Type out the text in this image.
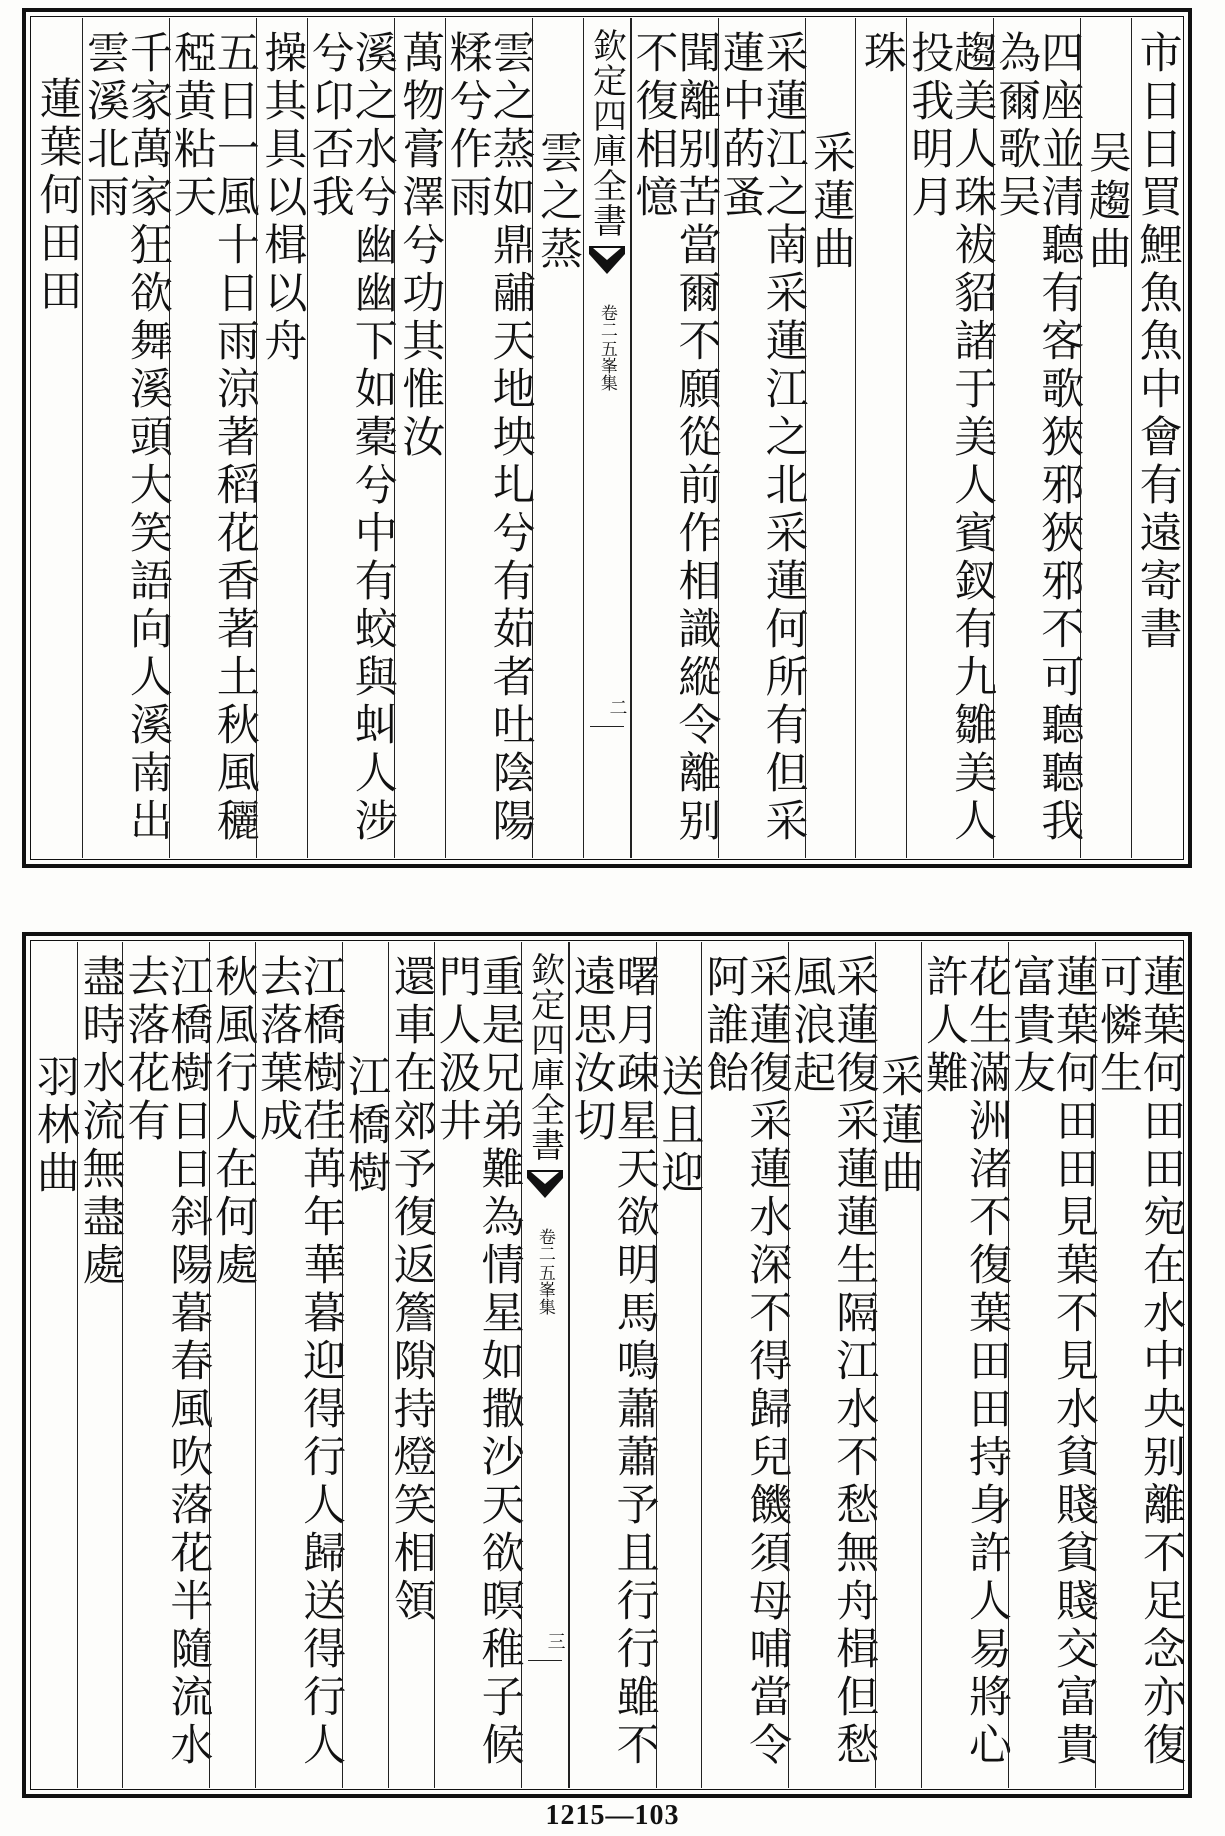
市日日買鯉魚魚中會有遠寄書
吴趨曲
四座並清聽有客歌狹邪狹邪不可聽聽我為爾歌吴
趨美人珠袚貂諸于美人賓釵有九雛美人投我明月
珠
采蓮曲
采蓮江之南采蓮江之北采蓮何所有但采蓮中菂蚤
聞離别苦當爾不願從前作相識縱令離别不復相憶
欽定四庫全書
五峯集
卷二
二
雲之蒸
雲之蒸如鼎鬴天地坱圠兮有茹者吐陰陽糅兮作雨
萬物膏澤兮功其惟汝
溪之水兮幽幽下如橐兮中有蛟與虯人涉兮卬否我
操其具以楫以舟
五日一風十日雨涼著稻花香著土秋風穲稏黄粘天
千家萬家狂欲舞溪頭大笑語向人溪南出雲溪北雨
蓮葉何田田
蓮葉何田田宛在水中央别離不足念亦復可憐生
蓮葉何田田見葉不見水貧賤貧賤交富貴富貴友
花生滿洲渚不復葉田田持身許人易將心許人難
采蓮曲
采蓮復采蓮蓮生隔江水不愁無舟楫但愁風浪起
采蓮復采蓮水深不得歸兒饑須母哺當令阿誰飴
送且迎
曙月疎星天欲明馬鳴蕭蕭予且行行雖不遠思汝切
欽定四庫全書
五峯集
卷二
三
重是兄弟難為情星如撒沙天欲暝稚子候門人汲井
還車在郊予復返簷隙持燈笑相領
江橋樹
江橋樹荏苒年華暮迎得行人歸送得行人去落葉成
秋風行人在何處
江橋樹日日斜陽暮春風吹落花半隨流水去落花有
盡時水流無盡處
羽林曲
1215—103
